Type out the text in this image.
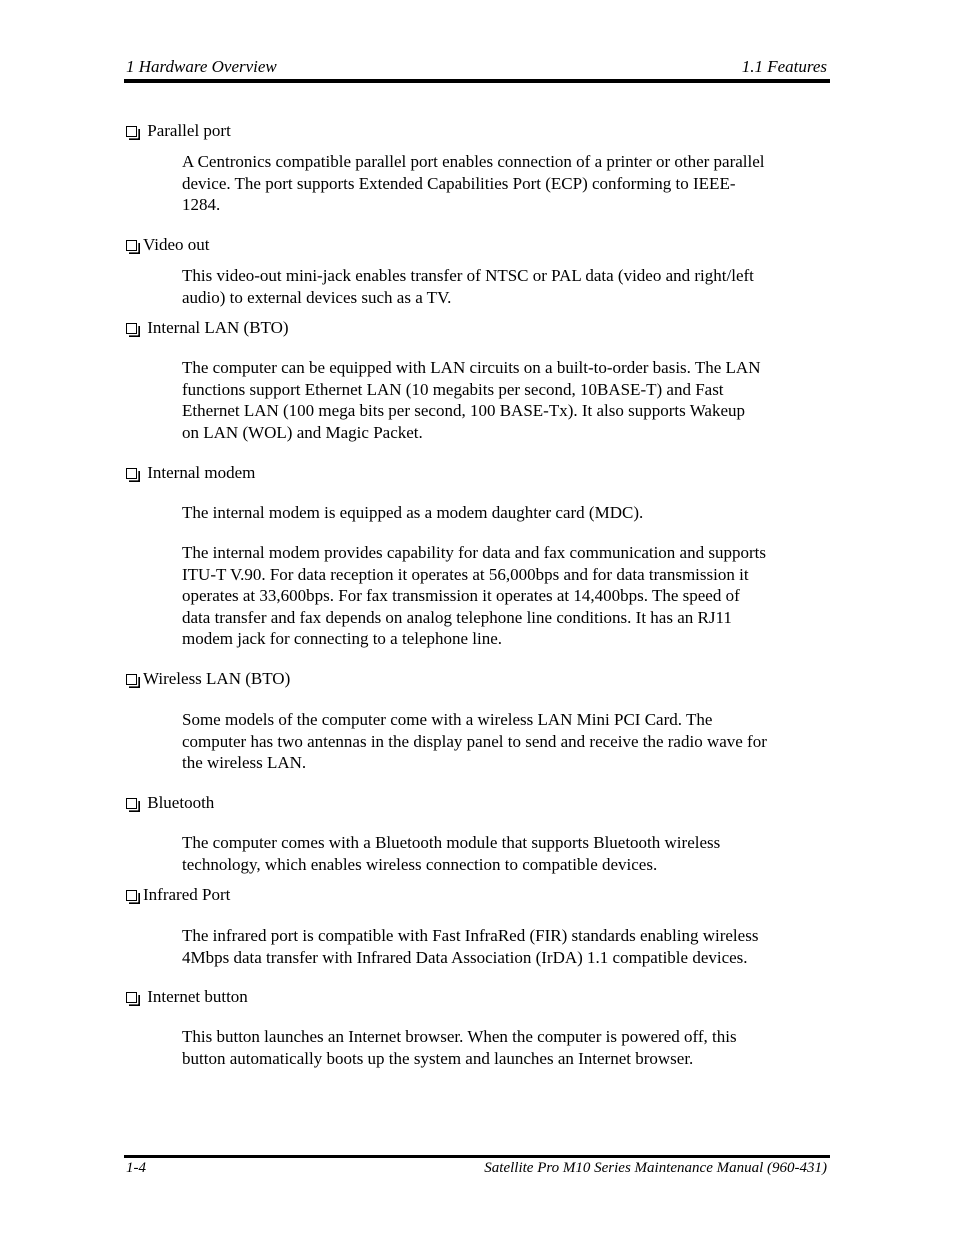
1 Hardware Overview	1.1 Features
Parallel port
A Centronics compatible parallel port enables connection of a printer or other parallel
device. The port supports Extended Capabilities Port (ECP) conforming to IEEE-
1284.
Video out
This video-out mini-jack enables transfer of NTSC or PAL data (video and right/left
audio) to external devices such as a TV.
Internal LAN (BTO)
The computer can be equipped with LAN circuits on a built-to-order basis. The LAN
functions support Ethernet LAN (10 megabits per second, 10BASE-T) and Fast
Ethernet LAN (100 mega bits per second, 100 BASE-Tx). It also supports Wakeup
on LAN (WOL) and Magic Packet.
Internal modem
The internal modem is equipped as a modem daughter card (MDC).
The internal modem provides capability for data and fax communication and supports
ITU-T V.90. For data reception it operates at 56,000bps and for data transmission it
operates at 33,600bps. For fax transmission it operates at 14,400bps. The speed of
data transfer and fax depends on analog telephone line conditions. It has an RJ11
modem jack for connecting to a telephone line.
Wireless LAN (BTO)
Some models of the computer come with a wireless LAN Mini PCI Card. The
computer has two antennas in the display panel to send and receive the radio wave for
the wireless LAN.
Bluetooth
The computer comes with a Bluetooth module that supports Bluetooth wireless
technology, which enables wireless connection to compatible devices.
Infrared Port
The infrared port is compatible with Fast InfraRed (FIR) standards enabling wireless
4Mbps data transfer with Infrared Data Association (IrDA) 1.1 compatible devices.
Internet button
This button launches an Internet browser. When the computer is powered off, this
button automatically boots up the system and launches an Internet browser.
1-4	Satellite Pro M10 Series Maintenance Manual (960-431)
